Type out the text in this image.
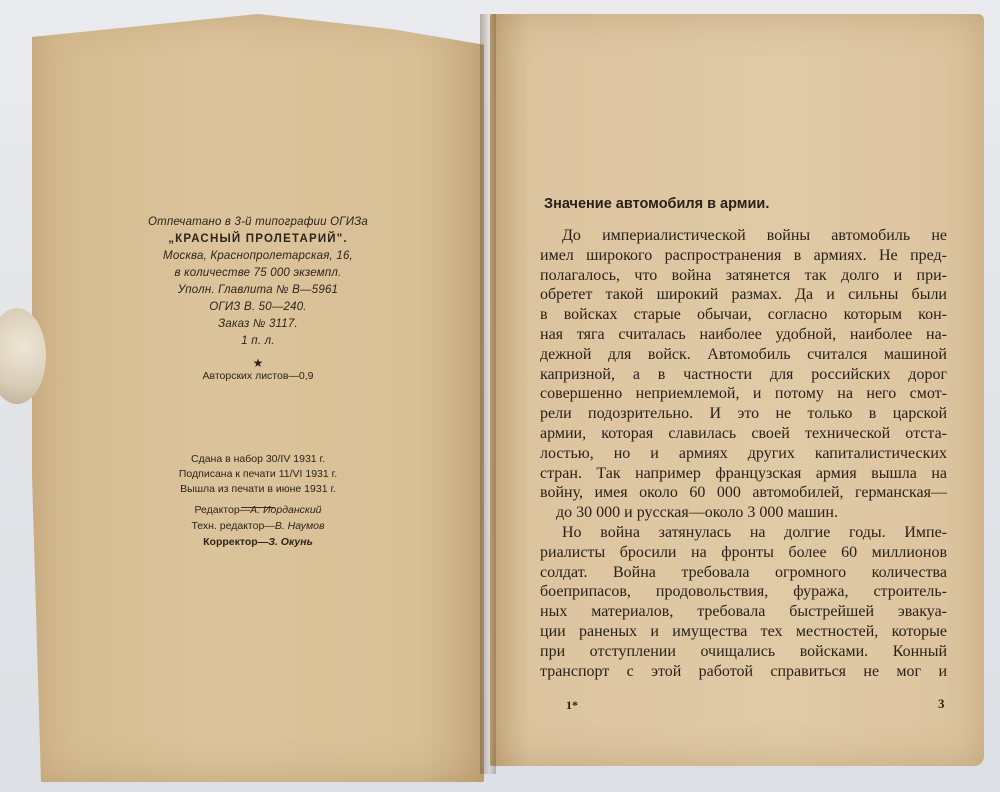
Отпечатано в 3-й типографии ОГИЗа
„КРАСНЫЙ ПРОЛЕТАРИЙ".
Москва, Краснопролетарская, 16,
в количестве 75 000 экземпл.
Уполн. Главлита № В—5961
ОГИЗ В. 50—240.
Заказ № 3117.
1 п. л.
★
Авторских листов—0,9
Сдана в набор 30/IV 1931 г.
Подписана к печати 11/VI 1931 г.
Вышла из печати в июне 1931 г.
Редактор—А. Иорданский
Техн. редактор—В. Наумов
Корректор—З. Окунь
Значение автомобиля в армии.
До империалистической войны автомобиль не
имел широкого распространения в армиях. Не пред-
полагалось, что война затянется так долго и при-
обретет такой широкий размах. Да и сильны были
в войсках старые обычаи, согласно которым кон-
ная тяга считалась наиболее удобной, наиболее на-
дежной для войск. Автомобиль считался машиной
капризной, а в частности для российских дорог
совершенно неприемлемой, и потому на него смот-
рели подозрительно. И это не только в царской
армии, которая славилась своей технической отста-
лостью, но и армиях других капиталистических
стран. Так например французская армия вышла на
войну, имея около 60 000 автомобилей, германская—
до 30 000 и русская—около 3 000 машин.
Но война затянулась на долгие годы. Импе-
риалисты бросили на фронты более 60 миллионов
солдат. Война требовала огромного количества
боеприпасов, продовольствия, фуража, строитель-
ных материалов, требовала быстрейшей эвакуа-
ции раненых и имущества тех местностей, которые
при отступлении очищались войсками. Конный
транспорт с этой работой справиться не мог и
1*	3
